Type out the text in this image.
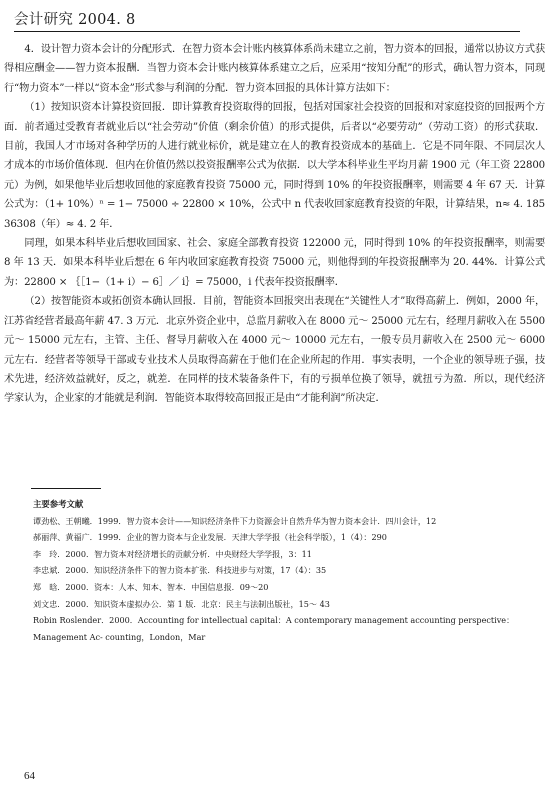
会计研究 2004. 8

4．设计智力资本会计的分配形式．在智力资本会计账内核算体系尚未建立之前，智力资本的回报，通常以协议方式获得相应酬金——智力资本报酬．当智力资本会计账内核算体系建立之后，应采用“按知分配”的形式，确认智力资本，同现行“物力资本”一样以“资本金”形式参与利润的分配．智力资本回报的具体计算方法如下：

（1）按知识资本计算投资回报．即计算教育投资取得的回报，包括对国家社会投资的回报和对家庭投资的回报两个方面．前者通过受教育者就业后以“社会劳动”价值（剩余价值）的形式提供，后者以“必要劳动”（劳动工资）的形式获取．目前，我国人才市场对各种学历的人进行就业标价，就是建立在人的教育投资成本的基础上．它是不同年限、不同层次人才成本的市场价值体现．但内在价值仍然以投资报酬率公式为依据．以大学本科毕业生平均月薪 1900 元（年工资 22800 元）为例，如果他毕业后想收回他的家庭教育投资 75000 元，同时得到 10% 的年投资报酬率，则需要 4 年 67 天．计算公式为：（1+ 10%）ⁿ = 1− 75000 ÷ 22800 × 10%，公式中 n 代表收回家庭教育投资的年限，计算结果，n≈ 4. 18536308（年）≈ 4. 2 年．

同理，如果本科毕业后想收回国家、社会、家庭全部教育投资 122000 元，同时得到 10% 的年投资报酬率，则需要 8 年 13 天．如果本科毕业后想在 6 年内收回家庭教育投资 75000 元，则他得到的年投资报酬率为 20. 44%．计算公式为：22800 × ｛［1−（1+ i）− 6］／ i｝= 75000，i 代表年投资报酬率．

（2）按智能资本或拓创资本确认回报．目前，智能资本回报突出表现在“关键性人才”取得高薪上．例如，2000 年，江苏省经营者最高年薪 47. 3 万元．北京外资企业中，总监月薪收入在 8000 元～ 25000 元左右，经理月薪收入在 5500 元～ 15000 元左右，主管、主任、督导月薪收入在 4000 元～ 10000 元左右，一般专员月薪收入在 2500 元～ 6000 元左右．经营者等领导干部或专业技术人员取得高薪在于他们在企业所起的作用．事实表明，一个企业的领导班子强，技术先进，经济效益就好，反之，就差．在同样的技术装备条件下，有的亏损单位换了领导，就扭亏为盈．所以，现代经济学家认为，企业家的才能就是利润．智能资本取得较高回报正是由“才能利润”所决定．

主要参考文献
谭劲松、王朝曦．1999．智力资本会计——知识经济条件下力资源会计自然升华为智力资本会计．四川会计，12
郝丽萍、黄福广．1999．企业的智力资本与企业发展．天津大学学报（社会科学版），1（4）：290
李　玲．2000．智力资本对经济增长的贡献分析．中央财经大学学报，3：11
李忠斌．2000．知识经济条件下的智力资本扩张．科技进步与对策，17（4）：35
郑　晗．2000．资本：人本、知本、智本．中国信息报．09～20
刘文忠．2000．知识资本虚拟办公．第 1 版．北京：民主与法制出版社，15～ 43
Robin Roslender．2000．Accounting for intellectual capital：A contemporary management accounting perspective：Management Ac- counting，London，Mar
64
